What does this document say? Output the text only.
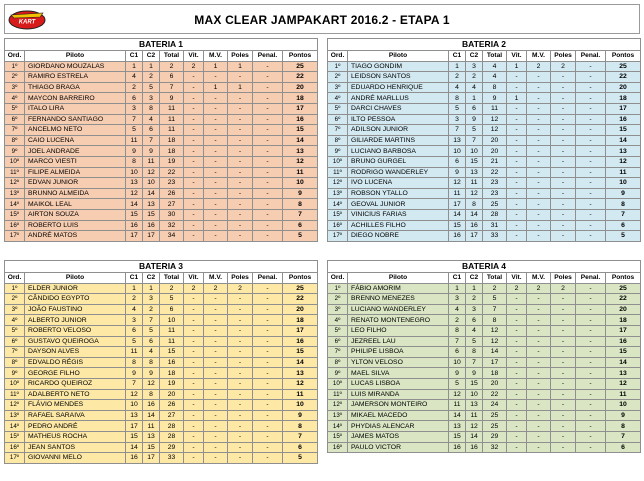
KART	MAX CLEAR JAMPAKART 2016.2 - ETAPA 1
BATERIA 1									
Ord.	Piloto	C1	C2	Total	Vit.	M.V.	Poles	Penal.	Pontos
1º	GIORDANO MOUZALAS	1	1	2	2	1	1	-	25
2º	RAMIRO ESTRELA	4	2	6	-	-	-	-	22
3º	THIAGO BRAGA	2	5	7	-	1	1	-	20
4º	MAYCON BARREIRO	6	3	9	-	-	-	-	18
5º	ITALO LIRA	3	8	11	-	-	-	-	17
6º	FERNANDO SANTIAGO	7	4	11	-	-	-	-	16
7º	ANCELMO NETO	5	6	11	-	-	-	-	15
8º	CAIO LUCENA	11	7	18	-	-	-	-	14
9º	JOEL ANDRADE	9	9	18	-	-	-	-	13
10º	MARCO VIESTI	8	11	19	-	-	-	-	12
11º	FILIPE ALMEIDA	10	12	22	-	-	-	-	11
12º	EDVAN JUNIOR	13	10	23	-	-	-	-	10
13º	BRUNNO ALMEIDA	12	14	26	-	-	-	-	9
14º	MAIKOL LEAL	14	13	27	-	-	-	-	8
15º	AIRTON SOUZA	15	15	30	-	-	-	-	7
16º	ROBERTO LUIS	16	16	32	-	-	-	-	6
17º	ANDRÉ MATOS	17	17	34	-	-	-	-	5
BATERIA 2									
Ord.	Piloto	C1	C2	Total	Vit.	M.V.	Poles	Penal.	Pontos
1º	TIAGO GONDIM	1	3	4	1	2	2	-	25
2º	LEIDSON SANTOS	2	2	4	-	-	-	-	22
3º	EDUARDO HENRIQUE	4	4	8	-	-	-	-	20
4º	ANDRÉ MARLLUS	8	1	9	1	-	-	-	18
5º	DARCI CHAVES	5	6	11	-	-	-	-	17
6º	ILTO PESSOA	3	9	12	-	-	-	-	16
7º	ADILSON JUNIOR	7	5	12	-	-	-	-	15
8º	GILIARDE MARTINS	13	7	20	-	-	-	-	14
9º	LUCIANO BARBOSA	10	10	20	-	-	-	-	13
10º	BRUNO GURGEL	6	15	21	-	-	-	-	12
11º	RODRIGO WANDERLEY	9	13	22	-	-	-	-	11
12º	IVO LUCENA	12	11	23	-	-	-	-	10
13º	ROBSON YTALLO	11	12	23	-	-	-	-	9
14º	GEOVAL JUNIOR	17	8	25	-	-	-	-	8
15º	VINICIUS FARIAS	14	14	28	-	-	-	-	7
16º	ACHILLES FILHO	15	16	31	-	-	-	-	6
17º	DIEGO NOBRE	16	17	33	-	-	-	-	5
BATERIA 3									
Ord.	Piloto	C1	C2	Total	Vit.	M.V.	Poles	Penal.	Pontos
1º	ELDER JUNIOR	1	1	2	2	2	2	-	25
2º	CÂNDIDO EGYPTO	2	3	5	-	-	-	-	22
3º	JOÃO FAUSTINO	4	2	6	-	-	-	-	20
4º	ALBERTO JUNIOR	3	7	10	-	-	-	-	18
5º	ROBERTO VELOSO	6	5	11	-	-	-	-	17
6º	GUSTAVO QUEIROGA	5	6	11	-	-	-	-	16
7º	DAYSON ALVES	11	4	15	-	-	-	-	15
8º	EDVALDO RÉGIS	8	8	16	-	-	-	-	14
9º	GEORGE FILHO	9	9	18	-	-	-	-	13
10º	RICARDO QUEIROZ	7	12	19	-	-	-	-	12
11º	ADALBERTO NETO	12	8	20	-	-	-	-	11
12º	FLÁVIO MENDES	10	16	26	-	-	-	-	10
13º	RAFAEL SARAIVA	13	14	27	-	-	-	-	9
14º	PEDRO ANDRÉ	17	11	28	-	-	-	-	8
15º	MATHEUS ROCHA	15	13	28	-	-	-	-	7
16º	JEAN SANTOS	14	15	29	-	-	-	-	6
17º	GIOVANNI MELO	16	17	33	-	-	-	-	5
BATERIA 4									
Ord.	Piloto	C1	C2	Total	Vit.	M.V.	Poles	Penal.	Pontos
1º	FÁBIO AMORIM	1	1	2	2	2	2	-	25
2º	BRENNO MENEZES	3	2	5	-	-	-	-	22
3º	LUCIANO WANDERLEY	4	3	7	-	-	-	-	20
4º	RENATO MONTENEGRO	2	6	8	-	-	-	-	18
5º	LEO FILHO	8	4	12	-	-	-	-	17
6º	JEZREEL LAU	7	5	12	-	-	-	-	16
7º	PHILIPE LISBOA	6	8	14	-	-	-	-	15
8º	YLTON VELOSO	10	7	17	-	-	-	-	14
9º	MAEL SILVA	9	9	18	-	-	-	-	13
10º	LUCAS LISBOA	5	15	20	-	-	-	-	12
11º	LUIS MIRANDA	12	10	22	-	-	-	-	11
12º	JAMERSON MONTEIRO	11	13	24	-	-	-	-	10
13º	MIKAEL MACEDO	14	11	25	-	-	-	-	9
14º	PHYDIAS ALENCAR	13	12	25	-	-	-	-	8
15º	JAMES MATOS	15	14	29	-	-	-	-	7
16º	PAULO VICTOR	16	16	32	-	-	-	-	6
